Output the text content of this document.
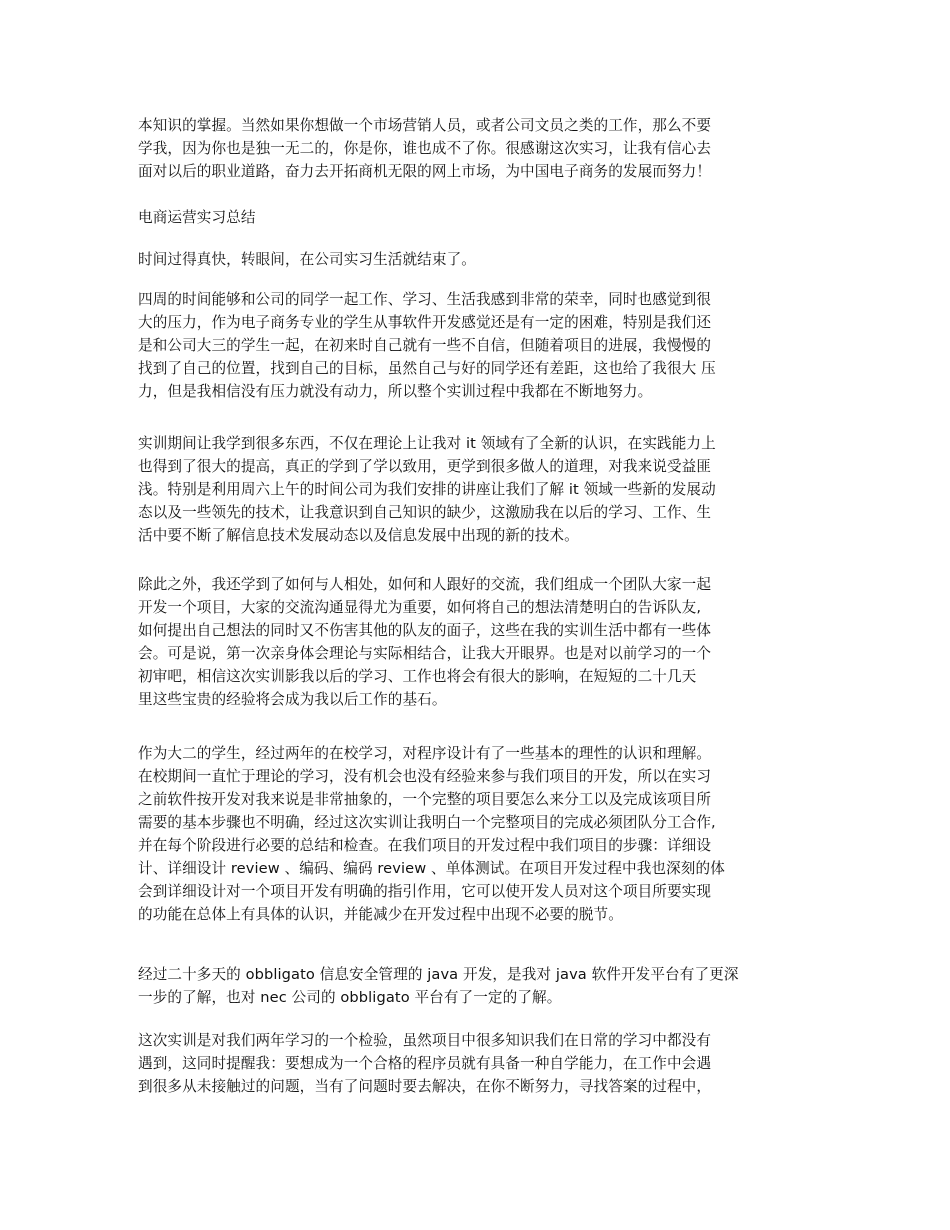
本知识的掌握。当然如果你想做一个市场营销人员，或者公司文员之类的工作，那么不要
学我，因为你也是独一无二的，你是你，谁也成不了你。很感谢这次实习，让我有信心去
面对以后的职业道路，奋力去开拓商机无限的网上市场，为中国电子商务的发展而努力！
电商运营实习总结
时间过得真快，转眼间，在公司实习生活就结束了。
四周的时间能够和公司的同学一起工作、学习、生活我感到非常的荣幸，同时也感觉到很
大的压力，作为电子商务专业的学生从事软件开发感觉还是有一定的困难，特别是我们还
是和公司大三的学生一起，在初来时自己就有一些不自信，但随着项目的进展，我慢慢的
找到了自己的位置，找到自己的目标，虽然自己与好的同学还有差距，这也给了我很大 压
力，但是我相信没有压力就没有动力，所以整个实训过程中我都在不断地努力。
实训期间让我学到很多东西，不仅在理论上让我对 it 领域有了全新的认识，在实践能力上
也得到了很大的提高，真正的学到了学以致用，更学到很多做人的道理，对我来说受益匪
浅。特别是利用周六上午的时间公司为我们安排的讲座让我们了解 it 领域一些新的发展动
态以及一些领先的技术，让我意识到自己知识的缺少，这激励我在以后的学习、工作、生
活中要不断了解信息技术发展动态以及信息发展中出现的新的技术。
除此之外，我还学到了如何与人相处，如何和人跟好的交流，我们组成一个团队大家一起
开发一个项目，大家的交流沟通显得尤为重要，如何将自己的想法清楚明白的告诉队友,
如何提出自己想法的同时又不伤害其他的队友的面子，这些在我的实训生活中都有一些体
会。可是说，第一次亲身体会理论与实际相结合，让我大开眼界。也是对以前学习的一个
初审吧，相信这次实训影我以后的学习、工作也将会有很大的影响，在短短的二十几天
里这些宝贵的经验将会成为我以后工作的基石。
作为大二的学生，经过两年的在校学习，对程序设计有了一些基本的理性的认识和理解。
在校期间一直忙于理论的学习，没有机会也没有经验来参与我们项目的开发，所以在实习
之前软件按开发对我来说是非常抽象的，一个完整的项目要怎么来分工以及完成该项目所
需要的基本步骤也不明确，经过这次实训让我明白一个完整项目的完成必须团队分工合作,
并在每个阶段进行必要的总结和检查。在我们项目的开发过程中我们项目的步骤：详细设
计、详细设计 review 、编码、编码 review 、单体测试。在项目开发过程中我也深刻的体
会到详细设计对一个项目开发有明确的指引作用，它可以使开发人员对这个项目所要实现
的功能在总体上有具体的认识，并能减少在开发过程中出现不必要的脱节。
经过二十多天的 obbligato 信息安全管理的 java 开发，是我对 java 软件开发平台有了更深
一步的了解，也对 nec 公司的 obbligato 平台有了一定的了解。
这次实训是对我们两年学习的一个检验，虽然项目中很多知识我们在日常的学习中都没有
遇到，这同时提醒我：要想成为一个合格的程序员就有具备一种自学能力，在工作中会遇
到很多从未接触过的问题，当有了问题时要去解决，在你不断努力，寻找答案的过程中，
